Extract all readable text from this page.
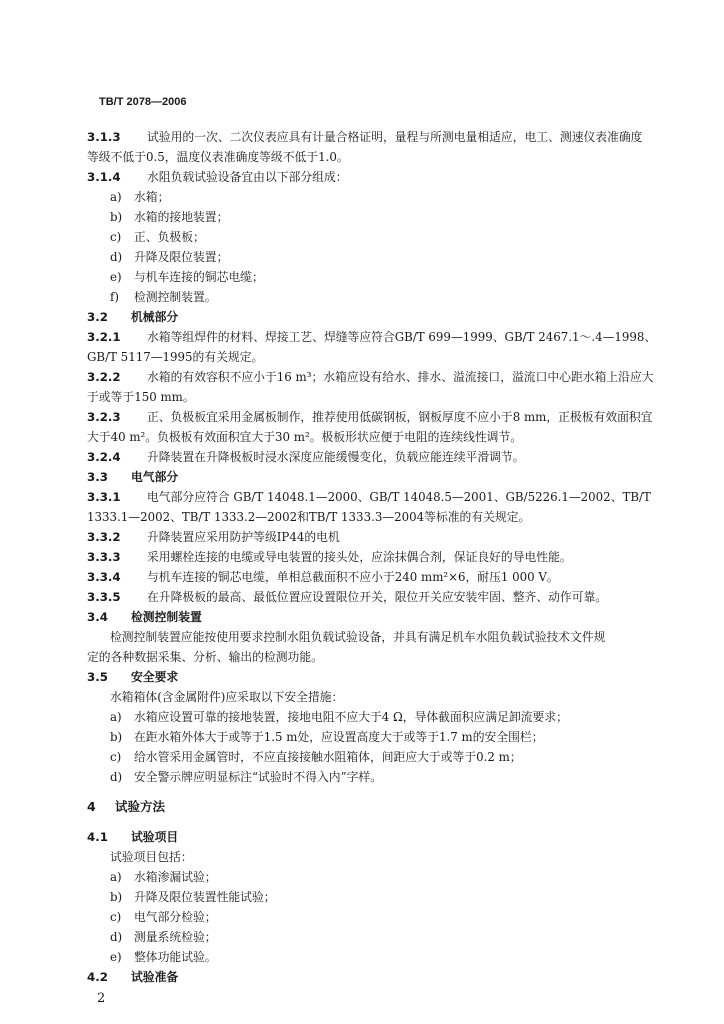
TB/T 2078—2006
3.1.3 试验用的一次、二次仪表应具有计量合格证明，量程与所测电量相适应，电工、测速仪表准确度
等级不低于0.5，温度仪表准确度等级不低于1.0。
3.1.4 水阻负载试验设备宜由以下部分组成：
a) 水箱；
b) 水箱的接地装置；
c) 正、负极板；
d) 升降及限位装置；
e) 与机车连接的铜芯电缆；
f) 检测控制装置。
3.2 机械部分
3.2.1 水箱等组焊件的材料、焊接工艺、焊缝等应符合GB/T 699—1999、GB/T 2467.1～.4—1998、
GB/T 5117—1995的有关规定。
3.2.2 水箱的有效容积不应小于16 m³；水箱应设有给水、排水、溢流接口，溢流口中心距水箱上沿应大
于或等于150 mm。
3.2.3 正、负极板宜采用金属板制作，推荐使用低碳钢板，钢板厚度不应小于8 mm，正极板有效面积宜
大于40 m²。负极板有效面积宜大于30 m²。极板形状应便于电阻的连续线性调节。
3.2.4 升降装置在升降极板时浸水深度应能缓慢变化，负载应能连续平滑调节。
3.3 电气部分
3.3.1 电气部分应符合 GB/T 14048.1—2000、GB/T 14048.5—2001、GB/5226.1—2002、TB/T
1333.1—2002、TB/T 1333.2—2002和TB/T 1333.3—2004等标准的有关规定。
3.3.2 升降装置应采用防护等级IP44的电机
3.3.3 采用螺栓连接的电缆或导电装置的接头处，应涂抹偶合剂，保证良好的导电性能。
3.3.4 与机车连接的铜芯电缆，单相总截面积不应小于240 mm²×6，耐压1 000 V。
3.3.5 在升降极板的最高、最低位置应设置限位开关，限位开关应安装牢固、整齐、动作可靠。
3.4 检测控制装置
检测控制装置应能按使用要求控制水阻负载试验设备，并具有满足机车水阻负载试验技术文件规
定的各种数据采集、分析、输出的检测功能。
3.5 安全要求
水箱箱体(含金属附件)应采取以下安全措施：
a) 水箱应设置可靠的接地装置，接地电阻不应大于4 Ω，导体截面积应满足卸流要求；
b) 在距水箱外体大于或等于1.5 m处，应设置高度大于或等于1.7 m的安全围栏；
c) 给水管采用金属管时，不应直接接触水阻箱体，间距应大于或等于0.2 m；
d) 安全警示牌应明显标注“试验时不得入内”字样。
4 试验方法
4.1 试验项目
试验项目包括：
a) 水箱渗漏试验；
b) 升降及限位装置性能试验；
c) 电气部分检验；
d) 测量系统检验；
e) 整体功能试验。
4.2 试验准备
2
